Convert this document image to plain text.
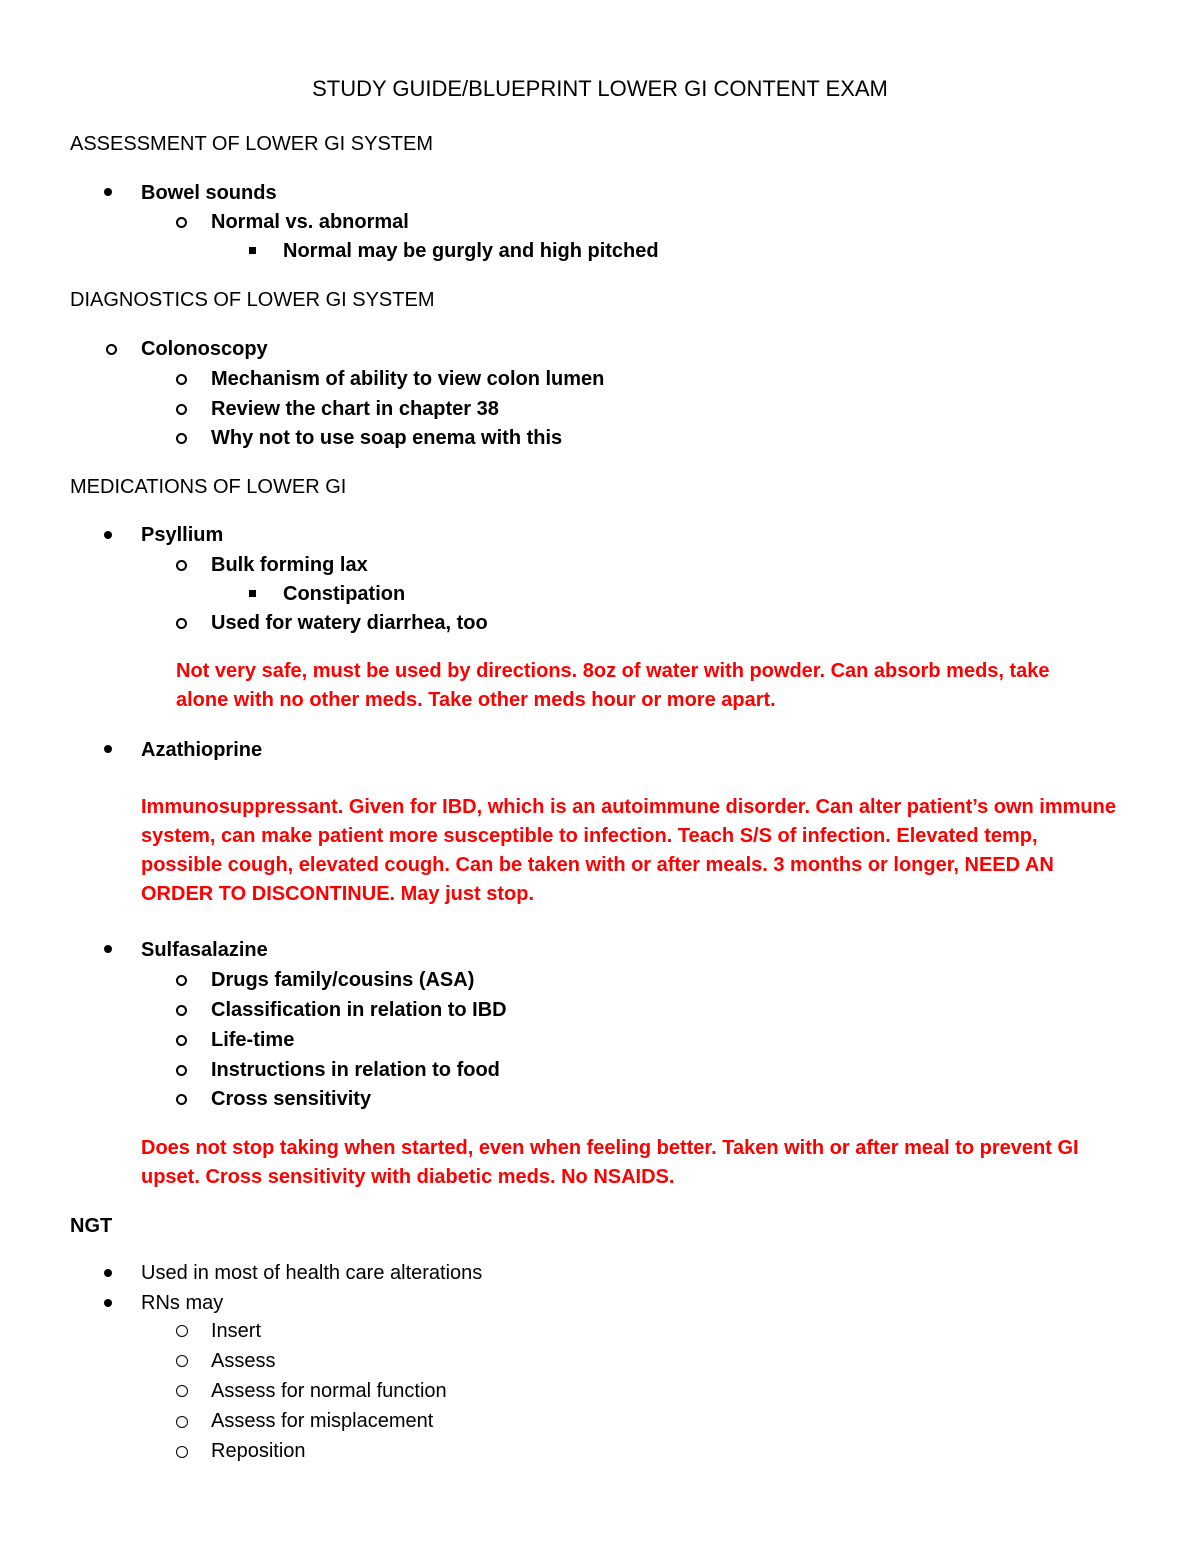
STUDY GUIDE/BLUEPRINT LOWER GI CONTENT EXAM
ASSESSMENT OF LOWER GI SYSTEM
Bowel sounds
Normal vs. abnormal
Normal may be gurgly and high pitched
DIAGNOSTICS OF LOWER GI SYSTEM
Colonoscopy
Mechanism of ability to view colon lumen
Review the chart in chapter 38
Why not to use soap enema with this
MEDICATIONS OF LOWER GI
Psyllium
Bulk forming lax
Constipation
Used for watery diarrhea, too
Not very safe, must be used by directions. 8oz of water with powder. Can absorb meds, take alone with no other meds. Take other meds hour or more apart.
Azathioprine
Immunosuppressant. Given for IBD, which is an autoimmune disorder. Can alter patient’s own immune system, can make patient more susceptible to infection. Teach S/S of infection. Elevated temp, possible cough, elevated cough. Can be taken with or after meals. 3 months or longer, NEED AN ORDER TO DISCONTINUE. May just stop.
Sulfasalazine
Drugs family/cousins (ASA)
Classification in relation to IBD
Life-time
Instructions in relation to food
Cross sensitivity
Does not stop taking when started, even when feeling better. Taken with or after meal to prevent GI upset. Cross sensitivity with diabetic meds. No NSAIDS.
NGT
Used in most of health care alterations
RNs may
Insert
Assess
Assess for normal function
Assess for misplacement
Reposition
